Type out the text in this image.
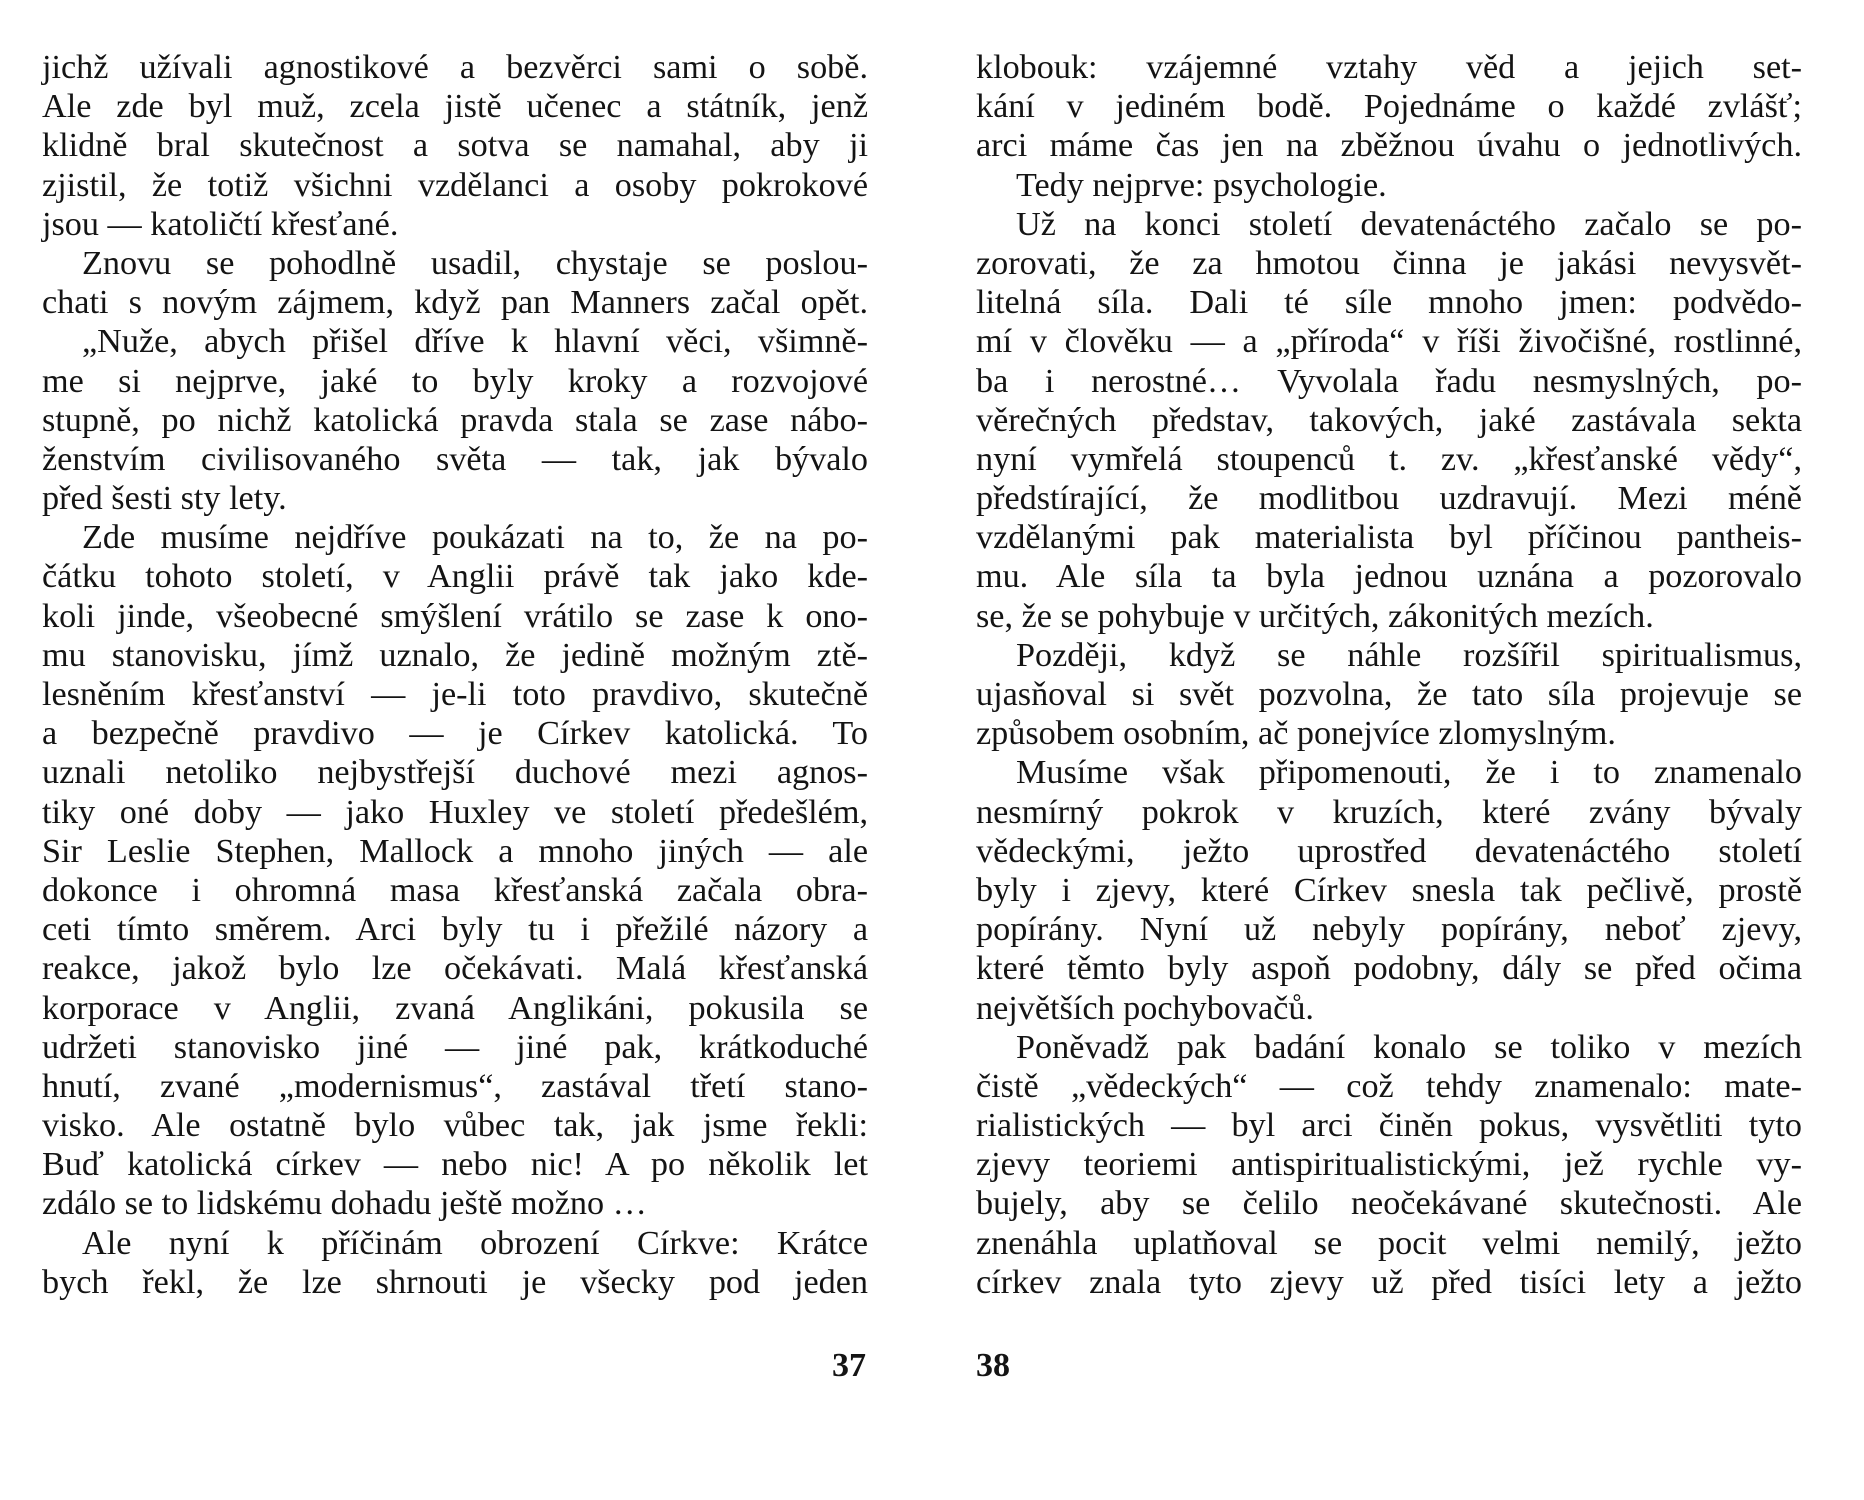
jichž užívali agnostikové a bezvěrci sami o sobě.
Ale zde byl muž, zcela jistě učenec a státník, jenž
klidně bral skutečnost a sotva se namahal, aby ji
zjistil, že totiž všichni vzdělanci a osoby pokrokové
jsou — katoličtí křesťané.
Znovu se pohodlně usadil, chystaje se poslou-
chati s novým zájmem, když pan Manners začal opět.
„Nuže, abych přišel dříve k hlavní věci, všimně-
me si nejprve, jaké to byly kroky a rozvojové
stupně, po nichž katolická pravda stala se zase nábo-
ženstvím civilisovaného světa — tak, jak bývalo
před šesti sty lety.
Zde musíme nejdříve poukázati na to, že na po-
čátku tohoto století, v Anglii právě tak jako kde-
koli jinde, všeobecné smýšlení vrátilo se zase k ono-
mu stanovisku, jímž uznalo, že jedině možným ztě-
lesněním křesťanství — je-li toto pravdivo, skutečně
a bezpečně pravdivo — je Církev katolická. To
uznali netoliko nejbystřejší duchové mezi agnos-
tiky oné doby — jako Huxley ve století předešlém,
Sir Leslie Stephen, Mallock a mnoho jiných — ale
dokonce i ohromná masa křesťanská začala obra-
ceti tímto směrem. Arci byly tu i přežilé názory a
reakce, jakož bylo lze očekávati. Malá křesťanská
korporace v Anglii, zvaná Anglikáni, pokusila se
udržeti stanovisko jiné — jiné pak, krátkoduché
hnutí, zvané „modernismus“, zastával třetí stano-
visko. Ale ostatně bylo vůbec tak, jak jsme řekli:
Buď katolická církev — nebo nic! A po několik let
zdálo se to lidskému dohadu ještě možno …
Ale nyní k příčinám obrození Církve: Krátce
bych řekl, že lze shrnouti je všecky pod jeden
klobouk: vzájemné vztahy věd a jejich set-
kání v jediném bodě. Pojednáme o každé zvlášť;
arci máme čas jen na zběžnou úvahu o jednotlivých.
Tedy nejprve: psychologie.
Už na konci století devatenáctého začalo se po-
zorovati, že za hmotou činna je jakási nevysvět-
litelná síla. Dali té síle mnoho jmen: podvědo-
mí v člověku — a „příroda“ v říši živočišné, rostlinné,
ba i nerostné… Vyvolala řadu nesmyslných, po-
věrečných představ, takových, jaké zastávala sekta
nyní vymřelá stoupenců t. zv. „křesťanské vědy“,
předstírající, že modlitbou uzdravují. Mezi méně
vzdělanými pak materialista byl příčinou pantheis-
mu. Ale síla ta byla jednou uznána a pozorovalo
se, že se pohybuje v určitých, zákonitých mezích.
Později, když se náhle rozšířil spiritualismus,
ujasňoval si svět pozvolna, že tato síla projevuje se
způsobem osobním, ač ponejvíce zlomyslným.
Musíme však připomenouti, že i to znamenalo
nesmírný pokrok v kruzích, které zvány bývaly
vědeckými, ježto uprostřed devatenáctého století
byly i zjevy, které Církev snesla tak pečlivě, prostě
popírány. Nyní už nebyly popírány, neboť zjevy,
které těmto byly aspoň podobny, dály se před očima
největších pochybovačů.
Poněvadž pak badání konalo se toliko v mezích
čistě „vědeckých“ — což tehdy znamenalo: mate-
rialistických — byl arci činěn pokus, vysvětliti tyto
zjevy teoriemi antispiritualistickými, jež rychle vy-
bujely, aby se čelilo neočekávané skutečnosti. Ale
znenáhla uplatňoval se pocit velmi nemilý, ježto
církev znala tyto zjevy už před tisíci lety a ježto
37	38
